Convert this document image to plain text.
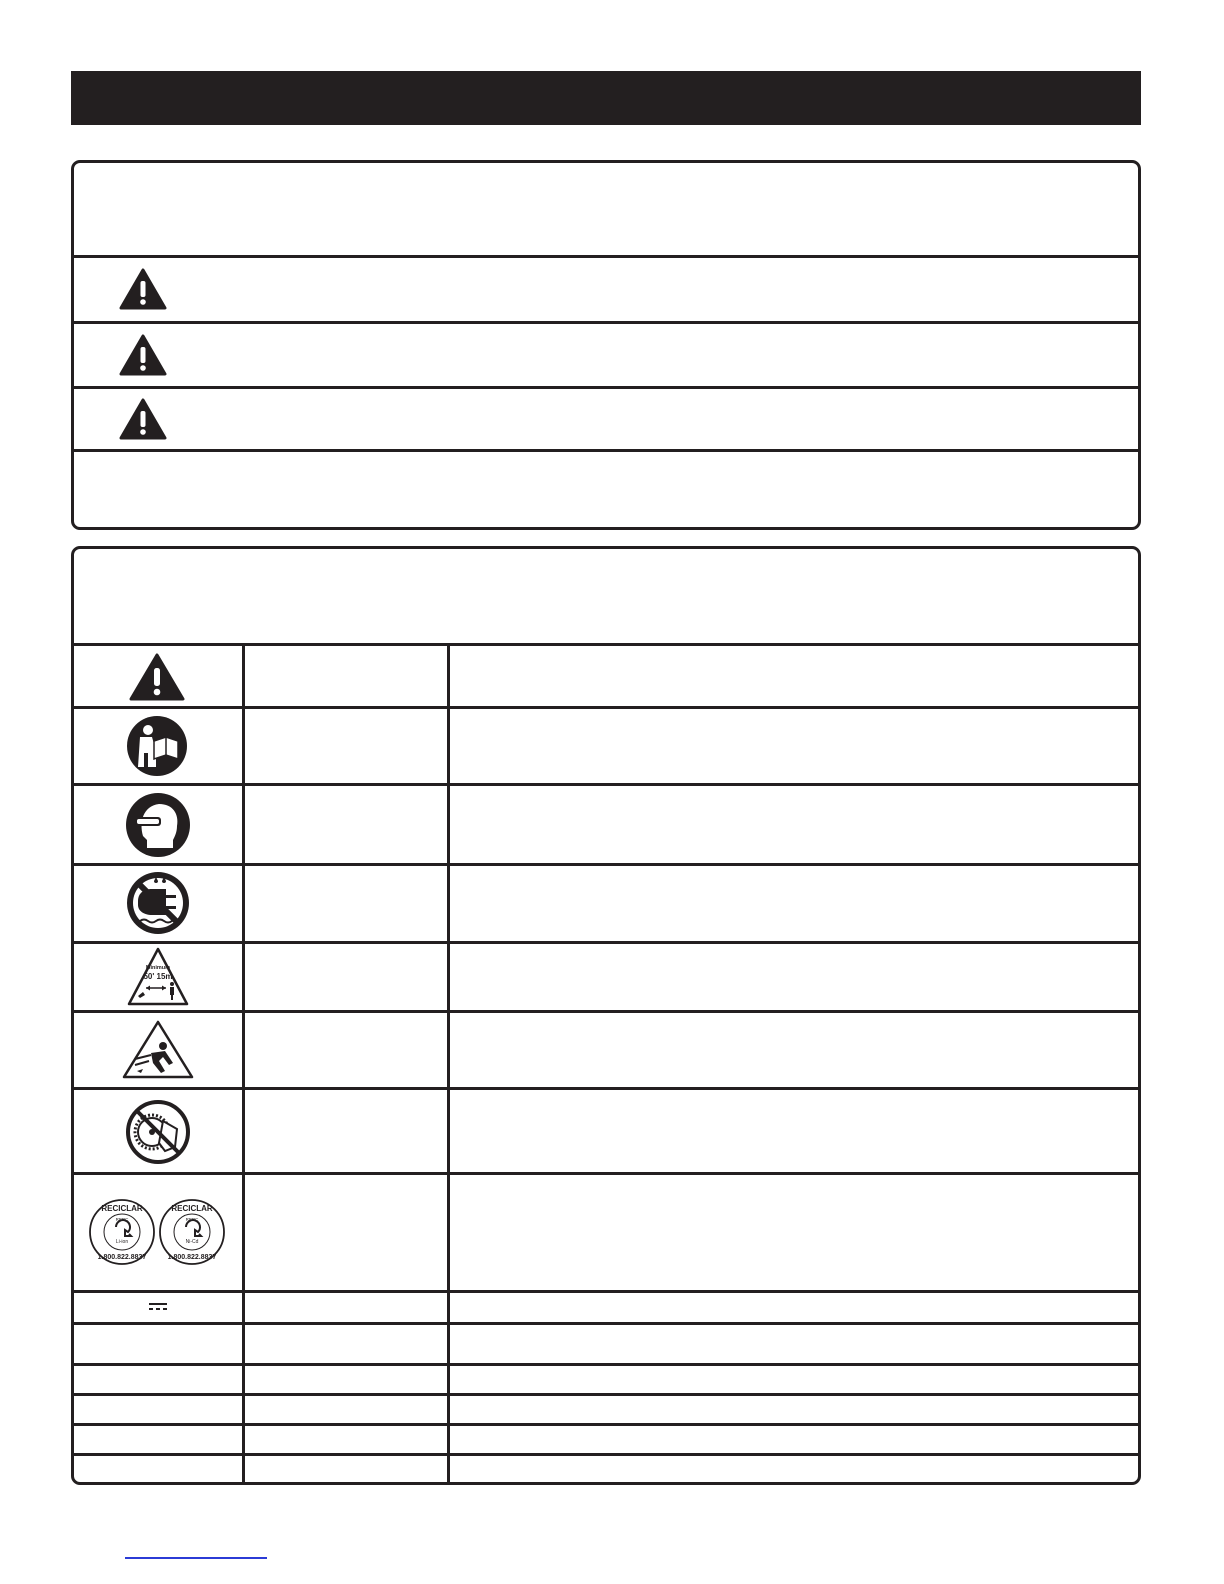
Minimum
50' 15m
RECICLAR
RBRC
Li-ion
1.800.822.8837
RECICLAR
RBRC
Ni-Cd
1.800.822.8837
